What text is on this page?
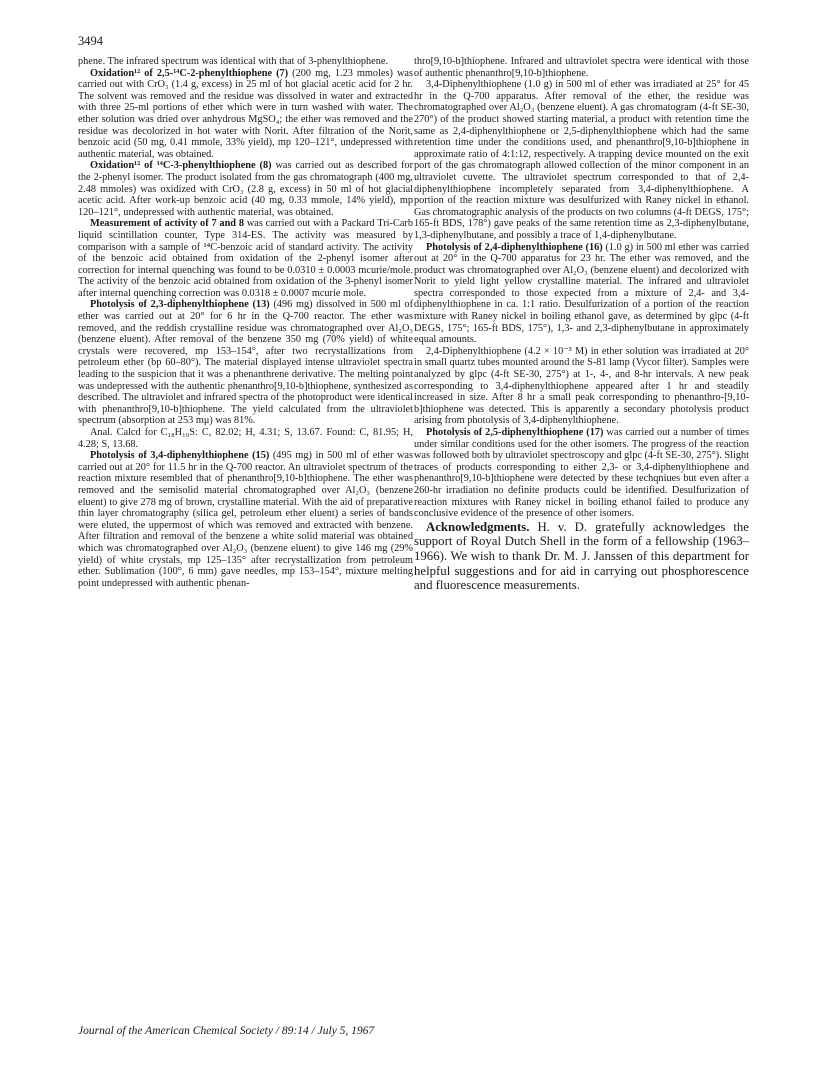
3494

phene. The infrared spectrum was identical with that of 3-phenylthiophene.

Oxidation¹² of 2,5-¹⁴C-2-phenylthiophene (7) (200 mg, 1.23 mmoles) was carried out with CrO₃ (1.4 g, excess) in 25 ml of hot glacial acetic acid for 2 hr. The solvent was removed and the residue was dissolved in water and extracted with three 25-ml portions of ether which were in turn washed with water. The ether solution was dried over anhydrous MgSO₄; the ether was removed and the residue was decolorized in hot water with Norit. After filtration of the Norit, benzoic acid (50 mg, 0.41 mmole, 33% yield), mp 120–121°, undepressed with authentic material, was obtained.

Oxidation¹² of ¹⁴C-3-phenylthiophene (8) was carried out as described for the 2-phenyl isomer. The product isolated from the gas chromatograph (400 mg, 2.48 mmoles) was oxidized with CrO₃ (2.8 g, excess) in 50 ml of hot glacial acetic acid. After work-up benzoic acid (40 mg, 0.33 mmole, 14% yield), mp 120–121°, undepressed with authentic material, was obtained.

Measurement of activity of 7 and 8 was carried out with a Packard Tri-Carb liquid scintillation counter, Type 314-ES. The activity was measured by comparison with a sample of ¹⁴C-benzoic acid of standard activity. The activity of the benzoic acid obtained from oxidation of the 2-phenyl isomer after correction for internal quenching was found to be 0.0310 ± 0.0003 mcurie/mole. The activity of the benzoic acid obtained from oxidation of the 3-phenyl isomer after internal quenching correction was 0.0318 ± 0.0007 mcurie mole.

Photolysis of 2,3-diphenylthiophene (13) (496 mg) dissolved in 500 ml of ether was carried out at 20° for 6 hr in the Q-700 reactor. The ether was removed, and the reddish crystalline residue was chromatographed over Al₂O₃ (benzene eluent). After removal of the benzene 350 mg (70% yield) of white crystals were recovered, mp 153–154°, after two recrystallizations from petroleum ether (bp 60–80°). The material displayed intense ultraviolet spectra leading to the suspicion that it was a phenanthrene derivative. The melting point was undepressed with the authentic phenanthro[9,10-b]thiophene, synthesized as described. The ultraviolet and infrared spectra of the photoproduct were identical with phenanthro[9,10-b]thiophene. The yield calculated from the ultraviolet spectrum (absorption at 253 mμ) was 81%.

Anal. Calcd for C₁₈H₁₀S: C, 82.02; H, 4.31; S, 13.67. Found: C, 81.95; H, 4.28; S, 13.68.

Photolysis of 3,4-diphenylthiophene (15) (495 mg) in 500 ml of ether was carried out at 20° for 11.5 hr in the Q-700 reactor. An ultraviolet spectrum of the reaction mixture resembled that of phenanthro[9,10-b]thiophene. The ether was removed and the semisolid material chromatographed over Al₂O₃ (benzene eluent) to give 278 mg of brown, crystalline material. With the aid of preparative thin layer chromatography (silica gel, petroleum ether eluent) a series of bands were eluted, the uppermost of which was removed and extracted with benzene. After filtration and removal of the benzene a white solid material was obtained which was chromatographed over Al₂O₃ (benzene eluent) to give 146 mg (29% yield) of white crystals, mp 125–135° after recrystallization from petroleum ether. Sublimation (100°, 6 mm) gave needles, mp 153–154°, mixture melting point undepressed with authentic phenan-

thro[9,10-b]thiophene. Infrared and ultraviolet spectra were identical with those of authentic phenanthro[9,10-b]thiophene.

3,4-Diphenylthiophene (1.0 g) in 500 ml of ether was irradiated at 25° for 45 hr in the Q-700 apparatus. After removal of the ether, the residue was chromatographed over Al₂O₃ (benzene eluent). A gas chromatogram (4-ft SE-30, 270°) of the product showed starting material, a product with retention time the same as 2,4-diphenylthiophene or 2,5-diphenylthiophene which had the same retention time under the conditions used, and phenanthro[9,10-b]thiophene in approximate ratio of 4:1:12, respectively. A trapping device mounted on the exit port of the gas chromatograph allowed collection of the minor component in an ultraviolet cuvette. The ultraviolet spectrum corresponded to that of 2,4-diphenylthiophene incompletely separated from 3,4-diphenylthiophene. A portion of the reaction mixture was desulfurized with Raney nickel in ethanol. Gas chromatographic analysis of the products on two columns (4-ft DEGS, 175°; 165-ft BDS, 178°) gave peaks of the same retention time as 2,3-diphenylbutane, 1,3-diphenylbutane, and possibly a trace of 1,4-diphenylbutane.

Photolysis of 2,4-diphenylthiophene (16) (1.0 g) in 500 ml ether was carried out at 20° in the Q-700 apparatus for 23 hr. The ether was removed, and the product was chromatographed over Al₂O₃ (benzene eluent) and decolorized with Norit to yield light yellow crystalline material. The infrared and ultraviolet spectra corresponded to those expected from a mixture of 2,4- and 3,4-diphenylthiophene in ca. 1:1 ratio. Desulfurization of a portion of the reaction mixture with Raney nickel in boiling ethanol gave, as determined by glpc (4-ft DEGS, 175°; 165-ft BDS, 175°), 1,3- and 2,3-diphenylbutane in approximately equal amounts.

2,4-Diphenylthiophene (4.2 × 10⁻³ M) in ether solution was irradiated at 20° in small quartz tubes mounted around the S-81 lamp (Vycor filter). Samples were analyzed by glpc (4-ft SE-30, 275°) at 1-, 4-, and 8-hr intervals. A new peak corresponding to 3,4-diphenylthiophene appeared after 1 hr and steadily increased in size. After 8 hr a small peak corresponding to phenanthro-[9,10-b]thiophene was detected. This is apparently a secondary photolysis product arising from photolysis of 3,4-diphenylthiophene.

Photolysis of 2,5-diphenylthiophene (17) was carried out a number of times under similar conditions used for the other isomers. The progress of the reaction was followed both by ultraviolet spectroscopy and glpc (4-ft SE-30, 275°). Slight traces of products corresponding to either 2,3- or 3,4-diphenylthiophene and phenanthro[9,10-b]thiophene were detected by these techqniues but even after a 260-hr irradiation no definite products could be identified. Desulfurization of reaction mixtures with Raney nickel in boiling ethanol failed to produce any conclusive evidence of the presence of other isomers.

Acknowledgments. H. v. D. gratefully acknowledges the support of Royal Dutch Shell in the form of a fellowship (1963–1966). We wish to thank Dr. M. J. Janssen of this department for helpful suggestions and for aid in carrying out phosphorescence and fluorescence measurements.

Journal of the American Chemical Society / 89:14 / July 5, 1967
